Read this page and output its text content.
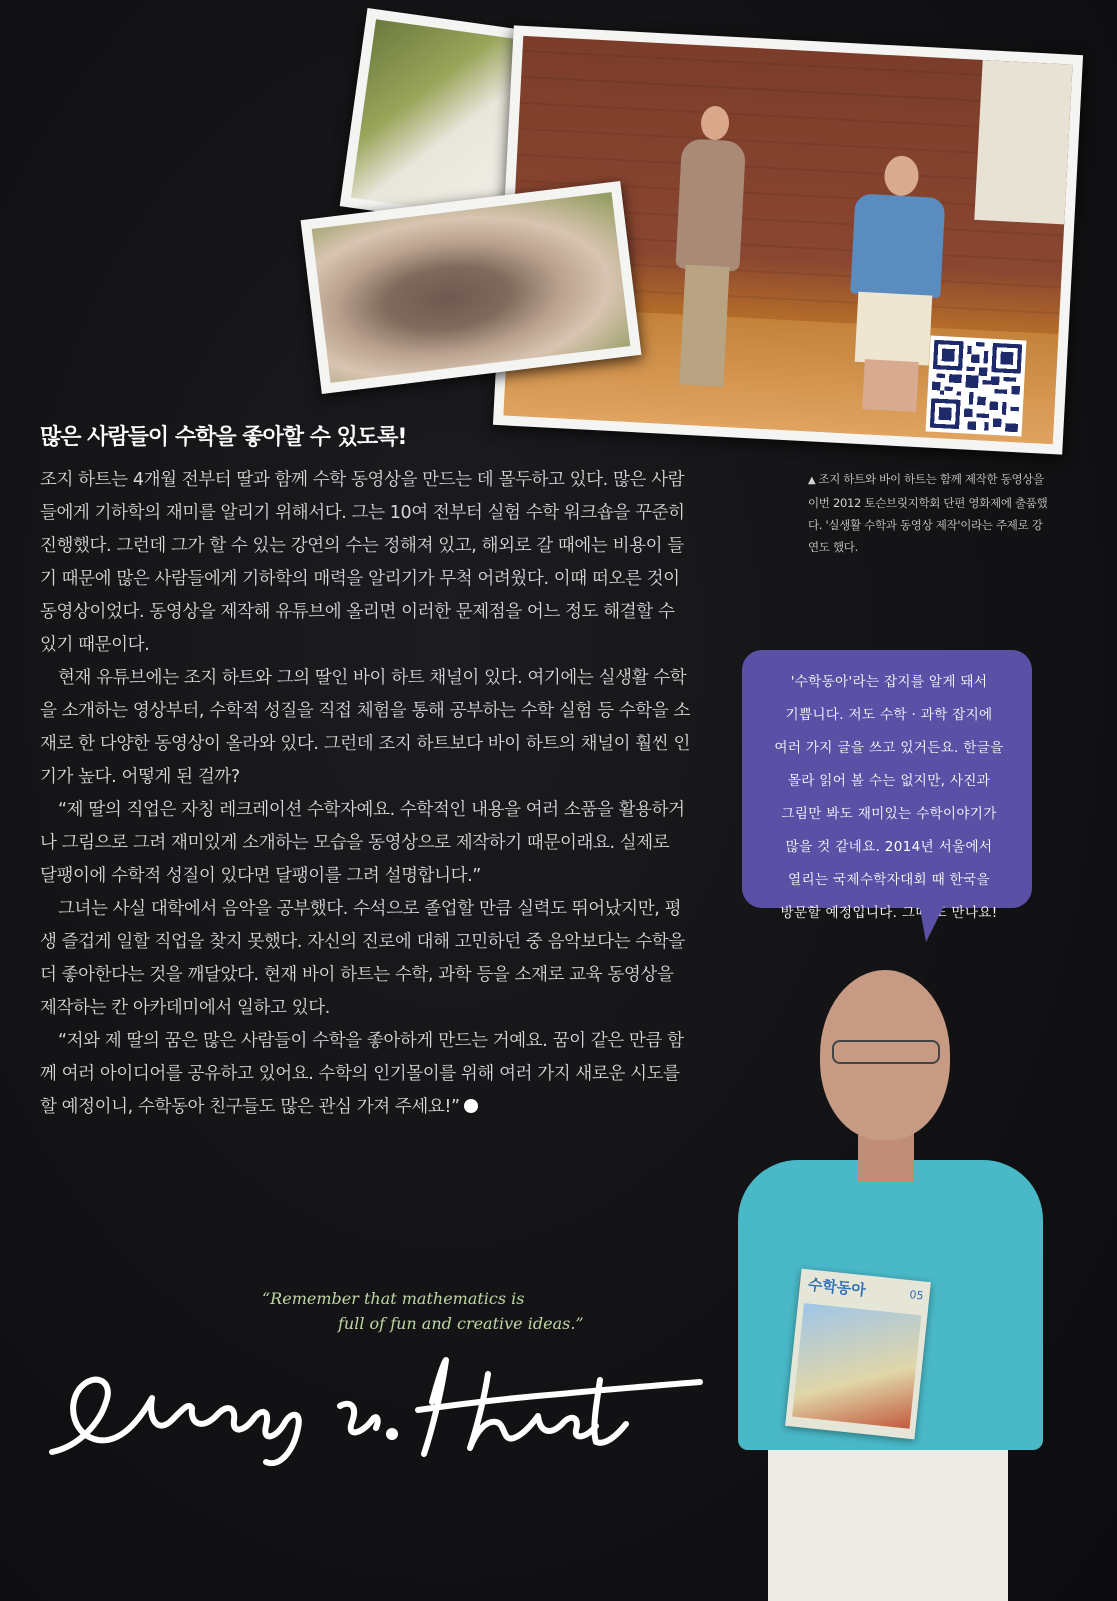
많은 사람들이 수학을 좋아할 수 있도록!

조지 하트는 4개월 전부터 딸과 함께 수학 동영상을 만드는 데 몰두하고 있다. 많은 사람들에게 기하학의 재미를 알리기 위해서다. 그는 10여 전부터 실험 수학 워크숍을 꾸준히 진행했다. 그런데 그가 할 수 있는 강연의 수는 정해져 있고, 해외로 갈 때에는 비용이 들기 때문에 많은 사람들에게 기하학의 매력을 알리기가 무척 어려웠다. 이때 떠오른 것이 동영상이었다. 동영상을 제작해 유튜브에 올리면 이러한 문제점을 어느 정도 해결할 수 있기 때문이다.

현재 유튜브에는 조지 하트와 그의 딸인 바이 하트 채널이 있다. 여기에는 실생활 수학을 소개하는 영상부터, 수학적 성질을 직접 체험을 통해 공부하는 수학 실험 등 수학을 소재로 한 다양한 동영상이 올라와 있다. 그런데 조지 하트보다 바이 하트의 채널이 훨씬 인기가 높다. 어떻게 된 걸까?

“제 딸의 직업은 자칭 레크레이션 수학자예요. 수학적인 내용을 여러 소품을 활용하거나 그림으로 그려 재미있게 소개하는 모습을 동영상으로 제작하기 때문이래요. 실제로 달팽이에 수학적 성질이 있다면 달팽이를 그려 설명합니다.”

그녀는 사실 대학에서 음악을 공부했다. 수석으로 졸업할 만큼 실력도 뛰어났지만, 평생 즐겁게 일할 직업을 찾지 못했다. 자신의 진로에 대해 고민하던 중 음악보다는 수학을 더 좋아한다는 것을 깨달았다. 현재 바이 하트는 수학, 과학 등을 소재로 교육 동영상을 제작하는 칸 아카데미에서 일하고 있다.

“저와 제 딸의 꿈은 많은 사람들이 수학을 좋아하게 만드는 거예요. 꿈이 같은 만큼 함께 여러 아이디어를 공유하고 있어요. 수학의 인기몰이를 위해 여러 가지 새로운 시도를 할 예정이니, 수학동아 친구들도 많은 관심 가져 주세요!”

▲ 조지 하트와 바이 하트는 함께 제작한 동영상을 이번 2012 토슨브릿지학회 단편 영화제에 출품했다. '실생활 수학과 동영상 제작'이라는 주제로 강연도 했다.

'수학동아'라는 잡지를 알게 돼서
기쁩니다. 저도 수학 · 과학 잡지에
여러 가지 글을 쓰고 있거든요. 한글을
몰라 읽어 볼 수는 없지만, 사진과
그림만 봐도 재미있는 수학이야기가
많을 것 같네요. 2014년 서울에서
열리는 국제수학자대회 때 한국을
방문할 예정입니다. 그때 또 만나요!

“Remember that mathematics is
full of fun and creative ideas.”
수학동아	05
